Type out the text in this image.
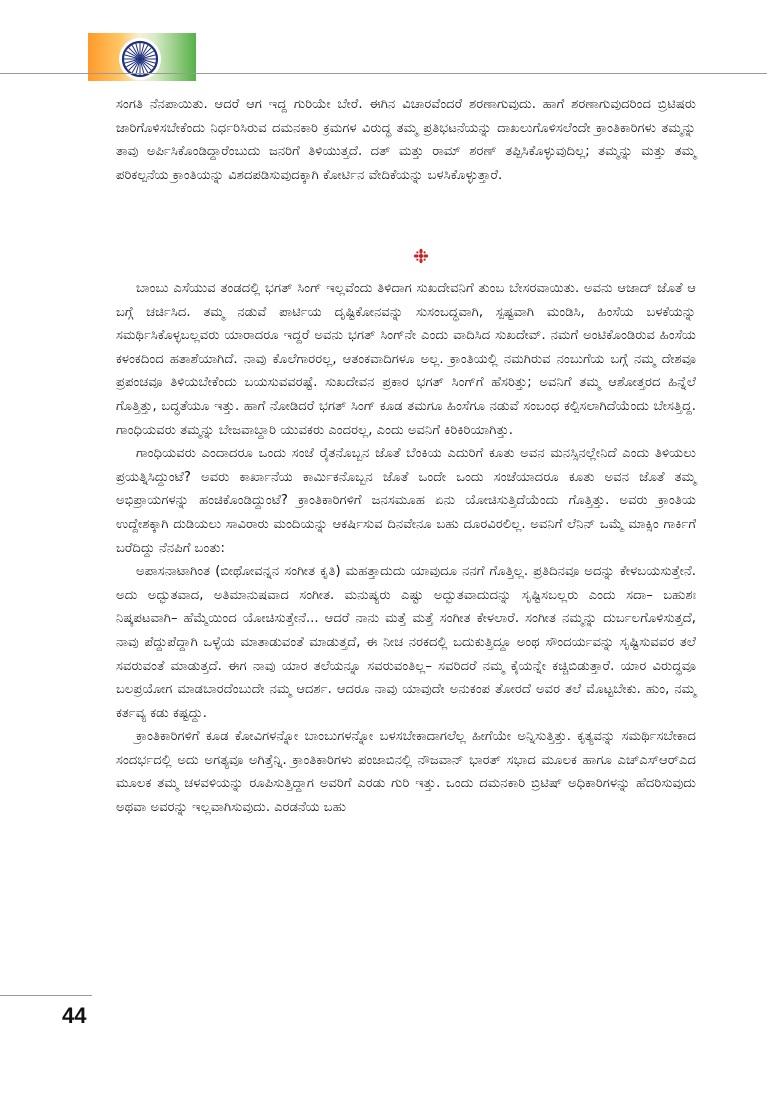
ಸಂಗತಿ ನೆನಪಾಯಿತು. ಆದರೆ ಆಗ ಇದ್ದ ಗುರಿಯೇ ಬೇರೆ. ಈಗಿನ ವಿಚಾರವೆಂದರೆ ಶರಣಾಗುವುದು. ಹಾಗೆ ಶರಣಾಗುವುದರಿಂದ ಬ್ರಿಟಿಷರು ಜಾರಿಗೊಳಿಸಬೇಕೆಂದು ನಿರ್ಧರಿಸಿರುವ ದಮನಕಾರಿ ಕ್ರಮಗಳ ವಿರುದ್ಧ ತಮ್ಮ ಪ್ರತಿಭಟನೆಯನ್ನು ದಾಖಲುಗೊಳಿಸಲೆಂದೇ ಕ್ರಾಂತಿಕಾರಿಗಳು ತಮ್ಮನ್ನು ತಾವು ಅರ್ಪಿಸಿಕೊಂಡಿದ್ದಾರೆಂಬುದು ಜನರಿಗೆ ತಿಳಿಯುತ್ತದೆ. ದತ್ ಮತ್ತು ರಾಮ್ ಶರಣ್ ತಪ್ಪಿಸಿಕೊಳ್ಳುವುದಿಲ್ಲ; ತಮ್ಮನ್ನು ಮತ್ತು ತಮ್ಮ ಪರಿಕಲ್ಪನೆಯ ಕ್ರಾಂತಿಯನ್ನು ವಿಶದಪಡಿಸುವುದಕ್ಕಾಗಿ ಕೋರ್ಟಿನ ವೇದಿಕೆಯನ್ನು ಬಳಸಿಕೊಳ್ಳುತ್ತಾರೆ.

ಬಾಂಬು ಎಸೆಯುವ ತಂಡದಲ್ಲಿ ಭಗತ್ ಸಿಂಗ್ ಇಲ್ಲವೆಂದು ತಿಳಿದಾಗ ಸುಖದೇವನಿಗೆ ತುಂಬ ಬೇಸರವಾಯಿತು. ಅವನು ಆಜಾದ್ ಜೊತೆ ಆ ಬಗ್ಗೆ ಚರ್ಚಿಸಿದ. ತಮ್ಮ ನಡುವೆ ಪಾರ್ಟಿಯ ದೃಷ್ಟಿಕೋನವನ್ನು ಸುಸಂಬದ್ಧವಾಗಿ, ಸ್ಪಷ್ಟವಾಗಿ ಮಂಡಿಸಿ, ಹಿಂಸೆಯ ಬಳಕೆಯನ್ನು ಸಮರ್ಥಿಸಿಕೊಳ್ಳಬಲ್ಲವರು ಯಾರಾದರೂ ಇದ್ದರೆ ಅವನು ಭಗತ್ ಸಿಂಗ್‌ನೇ ಎಂದು ವಾದಿಸಿದ ಸುಖದೇವ್. ನಮಗೆ ಅಂಟಿಕೊಂಡಿರುವ ಹಿಂಸೆಯ ಕಳಂಕದಿಂದ ಹತಾಶೆಯಾಗಿದೆ. ನಾವು ಕೊಲೆಗಾರರಲ್ಲ, ಆತಂಕವಾದಿಗಳೂ ಅಲ್ಲ. ಕ್ರಾಂತಿಯಲ್ಲಿ ನಮಗಿರುವ ನಂಬುಗೆಯ ಬಗ್ಗೆ ನಮ್ಮ ದೇಶವೂ ಪ್ರಪಂಚವೂ ತಿಳಿಯಬೇಕೆಂದು ಬಯಸುವವರಷ್ಟೆ. ಸುಖದೇವನ ಪ್ರಕಾರ ಭಗತ್ ಸಿಂಗ್‌ಗೆ ಹೆಸರಿತ್ತು; ಅವನಿಗೆ ತಮ್ಮ ಆಶೋತ್ತರದ ಹಿನ್ನೆಲೆ ಗೊತ್ತಿತ್ತು, ಬದ್ಧತೆಯೂ ಇತ್ತು. ಹಾಗೆ ನೋಡಿದರೆ ಭಗತ್ ಸಿಂಗ್ ಕೂಡ ತಮಗೂ ಹಿಂಸೆಗೂ ನಡುವೆ ಸಂಬಂಧ ಕಲ್ಪಿಸಲಾಗಿದೆಯೆಂದು ಬೇಸತ್ತಿದ್ದ. ಗಾಂಧಿಯವರು ತಮ್ಮನ್ನು ಬೇಜವಾಬ್ದಾರಿ ಯುವಕರು ಎಂದರಲ್ಲ, ಎಂದು ಅವನಿಗೆ ಕಿರಿಕಿರಿಯಾಗಿತ್ತು.

ಗಾಂಧಿಯವರು ಎಂದಾದರೂ ಒಂದು ಸಂಜೆ ರೈತನೊಬ್ಬನ ಜೊತೆ ಬೆಂಕಿಯ ಎದುರಿಗೆ ಕೂತು ಅವನ ಮನಸ್ಸಿನಲ್ಲೇನಿದೆ ಎಂದು ತಿಳಿಯಲು ಪ್ರಯತ್ನಿಸಿದ್ದುಂಟೆ? ಅವರು ಕಾರ್ಖಾನೆಯ ಕಾರ್ಮಿಕನೊಬ್ಬನ ಜೊತೆ ಒಂದೇ ಒಂದು ಸಂಜೆಯಾದರೂ ಕೂತು ಅವನ ಜೊತೆ ತಮ್ಮ ಅಭಿಪ್ರಾಯಗಳನ್ನು ಹಂಚಿಕೊಂಡಿದ್ದುಂಟೆ? ಕ್ರಾಂತಿಕಾರಿಗಳಿಗೆ ಜನಸಮೂಹ ಏನು ಯೋಚಿಸುತ್ತಿದೆಯೆಂದು ಗೊತ್ತಿತ್ತು. ಅವರು ಕ್ರಾಂತಿಯ ಉದ್ದೇಶಕ್ಕಾಗಿ ದುಡಿಯಲು ಸಾವಿರಾರು ಮಂದಿಯನ್ನು ಆಕರ್ಷಿಸುವ ದಿನವೇನೂ ಬಹು ದೂರವಿರಲಿಲ್ಲ. ಅವನಿಗೆ ಲೆನಿನ್ ಒಮ್ಮೆ ಮಾಕ್ಸಿಂ ಗಾರ್ಕಿಗೆ ಬರೆದಿದ್ದು ನೆನಪಿಗೆ ಬಂತು:

ಅಪಾಸನಾಟಾಗಿಂತ (ಬೀಥೋವನ್ನನ ಸಂಗೀತ ಕೃತಿ) ಮಹತ್ತಾದುದು ಯಾವುದೂ ನನಗೆ ಗೊತ್ತಿಲ್ಲ. ಪ್ರತಿದಿನವೂ ಅದನ್ನು ಕೇಳಬಯಸುತ್ತೇನೆ. ಅದು ಅದ್ಭುತವಾದ, ಅತಿಮಾನುಷವಾದ ಸಂಗೀತ. ಮನುಷ್ಯರು ಎಷ್ಟು ಅದ್ಭುತವಾದುದನ್ನು ಸೃಷ್ಟಿಸಬಲ್ಲರು ಎಂದು ಸದಾ– ಬಹುಶಃ ನಿಷ್ಕಪಟವಾಗಿ– ಹೆಮ್ಮೆಯಿಂದ ಯೋಚಿಸುತ್ತೇನೆ... ಆದರೆ ನಾನು ಮತ್ತೆ ಮತ್ತೆ ಸಂಗೀತ ಕೇಳಲಾರೆ. ಸಂಗೀತ ನಮ್ಮನ್ನು ದುರ್ಬಲಗೊಳಿಸುತ್ತದೆ, ನಾವು ಪೆದ್ದುಪೆದ್ದಾಗಿ ಒಳ್ಳೆಯ ಮಾತಾಡುವಂತೆ ಮಾಡುತ್ತದೆ, ಈ ನೀಚ ನರಕದಲ್ಲಿ ಬದುಕುತ್ತಿದ್ದೂ ಅಂಥ ಸೌಂದರ್ಯವನ್ನು ಸೃಷ್ಟಿಸುವವರ ತಲೆ ಸವರುವಂತೆ ಮಾಡುತ್ತದೆ. ಈಗ ನಾವು ಯಾರ ತಲೆಯನ್ನೂ ಸವರುವಂತಿಲ್ಲ– ಸವರಿದರೆ ನಮ್ಮ ಕೈಯನ್ನೇ ಕಚ್ಚಿಬಿಡುತ್ತಾರೆ. ಯಾರ ವಿರುದ್ಧವೂ ಬಲಪ್ರಯೋಗ ಮಾಡಬಾರದೆಂಬುದೇ ನಮ್ಮ ಆದರ್ಶ. ಆದರೂ ನಾವು ಯಾವುದೇ ಅನುಕಂಪ ತೋರದೆ ಅವರ ತಲೆ ಮೊಟ್ಟಬೇಕು. ಹುಂ, ನಮ್ಮ ಕರ್ತವ್ಯ ಕಡು ಕಷ್ಟದ್ದು.

ಕ್ರಾಂತಿಕಾರಿಗಳಿಗೆ ಕೂಡ ಕೋವಿಗಳನ್ನೋ ಬಾಂಬುಗಳನ್ನೋ ಬಳಸಬೇಕಾದಾಗಲೆಲ್ಲ ಹೀಗೆಯೇ ಅನ್ನಿಸುತ್ತಿತ್ತು. ಕೃತ್ಯವನ್ನು ಸಮರ್ಥಿಸಬೇಕಾದ ಸಂದರ್ಭದಲ್ಲಿ ಅದು ಅಗತ್ಯವೂ ಅಗಿತ್ತೆನ್ನಿ. ಕ್ರಾಂತಿಕಾರಿಗಳು ಪಂಜಾಬಿನಲ್ಲಿ ನೌಜವಾನ್ ಭಾರತ್ ಸಭಾದ ಮೂಲಕ ಹಾಗೂ ಎಚ್‌ಎಸ್‌ಆರ್‌ಎದ ಮೂಲಕ ತಮ್ಮ ಚಳವಳಿಯನ್ನು ರೂಪಿಸುತ್ತಿದ್ದಾಗ ಅವರಿಗೆ ಎರಡು ಗುರಿ ಇತ್ತು. ಒಂದು ದಮನಕಾರಿ ಬ್ರಿಟಿಷ್ ಅಧಿಕಾರಿಗಳನ್ನು ಹೆದರಿಸುವುದು ಅಥವಾ ಅವರನ್ನು ಇಲ್ಲವಾಗಿಸುವುದು. ಎರಡನೆಯ ಬಹು

44
